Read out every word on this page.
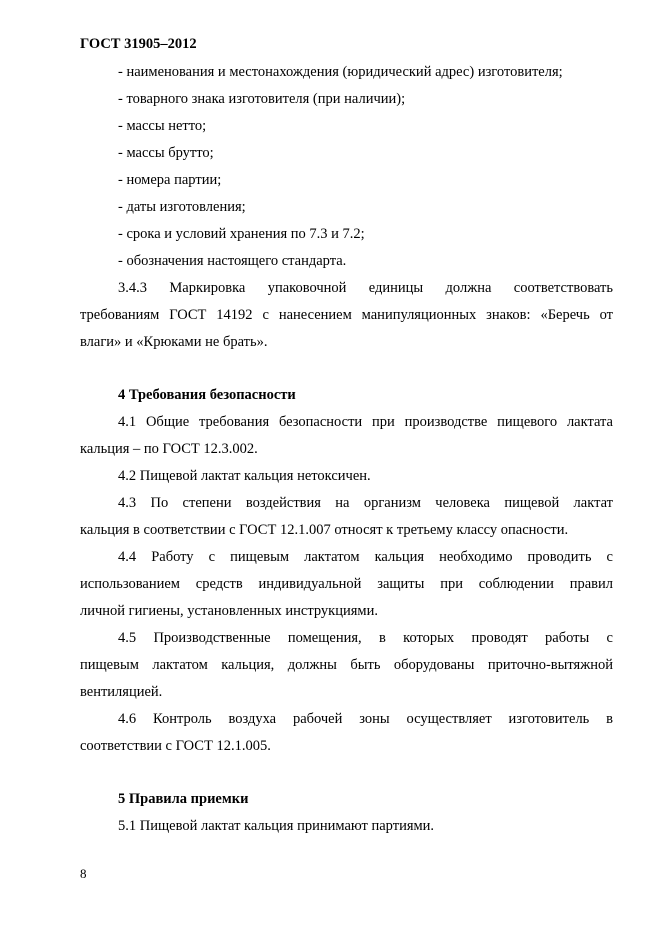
ГОСТ 31905–2012
- наименования и местонахождения (юридический адрес) изготовителя;
- товарного знака изготовителя (при наличии);
- массы нетто;
- массы брутто;
- номера партии;
- даты изготовления;
- срока и условий хранения по 7.3 и 7.2;
- обозначения настоящего стандарта.
3.4.3 Маркировка упаковочной единицы должна соответствовать
требованиям ГОСТ 14192 с нанесением манипуляционных знаков: «Беречь от
влаги» и «Крюками не брать».
4 Требования безопасности
4.1 Общие требования безопасности при производстве пищевого лактата
кальция – по ГОСТ 12.3.002.
4.2 Пищевой лактат кальция нетоксичен.
4.3 По степени воздействия на организм человека пищевой лактат
кальция в соответствии с ГОСТ 12.1.007 относят к третьему классу опасности.
4.4 Работу с пищевым лактатом кальция необходимо проводить с
использованием средств индивидуальной защиты при соблюдении правил
личной гигиены, установленных инструкциями.
4.5 Производственные помещения, в которых проводят работы с
пищевым лактатом кальция, должны быть оборудованы приточно-вытяжной
вентиляцией.
4.6 Контроль воздуха рабочей зоны осуществляет изготовитель в
соответствии с ГОСТ 12.1.005.
5 Правила приемки
5.1 Пищевой лактат кальция принимают партиями.
8
